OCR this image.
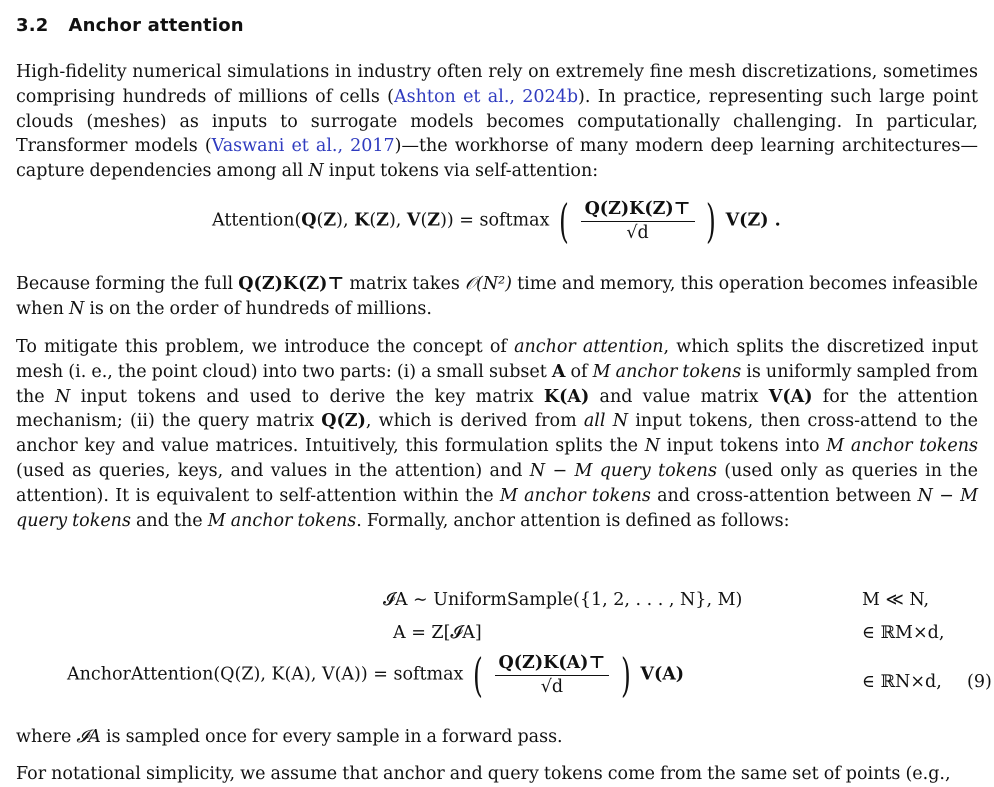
3.2 Anchor attention

High-fidelity numerical simulations in industry often rely on extremely fine mesh discretizations, sometimes comprising hundreds of millions of cells (Ashton et al., 2024b). In practice, representing such large point clouds (meshes) as inputs to surrogate models becomes computationally challenging. In particular, Transformer models (Vaswani et al., 2017)—the workhorse of many modern deep learning architectures—capture dependencies among all N input tokens via self-attention:

Attention(Q(Z), K(Z), V(Z)) = softmax ( $\frac{Q(Z)K(Z)⊤}{√d}$ ) V(Z) .

Because forming the full Q(Z)K(Z)⊤ matrix takes 𝒪(N²) time and memory, this operation becomes infeasible when N is on the order of hundreds of millions.

To mitigate this problem, we introduce the concept of anchor attention, which splits the discretized input mesh (i. e., the point cloud) into two parts: (i) a small subset A of M anchor tokens is uniformly sampled from the N input tokens and used to derive the key matrix K(A) and value matrix V(A) for the attention mechanism; (ii) the query matrix Q(Z), which is derived from all N input tokens, then cross-attend to the anchor key and value matrices. Intuitively, this formulation splits the N input tokens into M anchor tokens (used as queries, keys, and values in the attention) and N − M query tokens (used only as queries in the attention). It is equivalent to self-attention within the M anchor tokens and cross-attention between N − M query tokens and the M anchor tokens. Formally, anchor attention is defined as follows:

𝓘A ∼ UniformSample({1, 2, . . . , N}, M)	M ≪ N,
A = Z[𝓘A]	∈ ℝM×d,
AnchorAttention(Q(Z), K(A), V(A)) = softmax ( $\frac{Q(Z)K(A)⊤}{√d}$ ) V(A)	∈ ℝN×d, (9)

where 𝓘A is sampled once for every sample in a forward pass.

For notational simplicity, we assume that anchor and query tokens come from the same set of points (e.g.,
